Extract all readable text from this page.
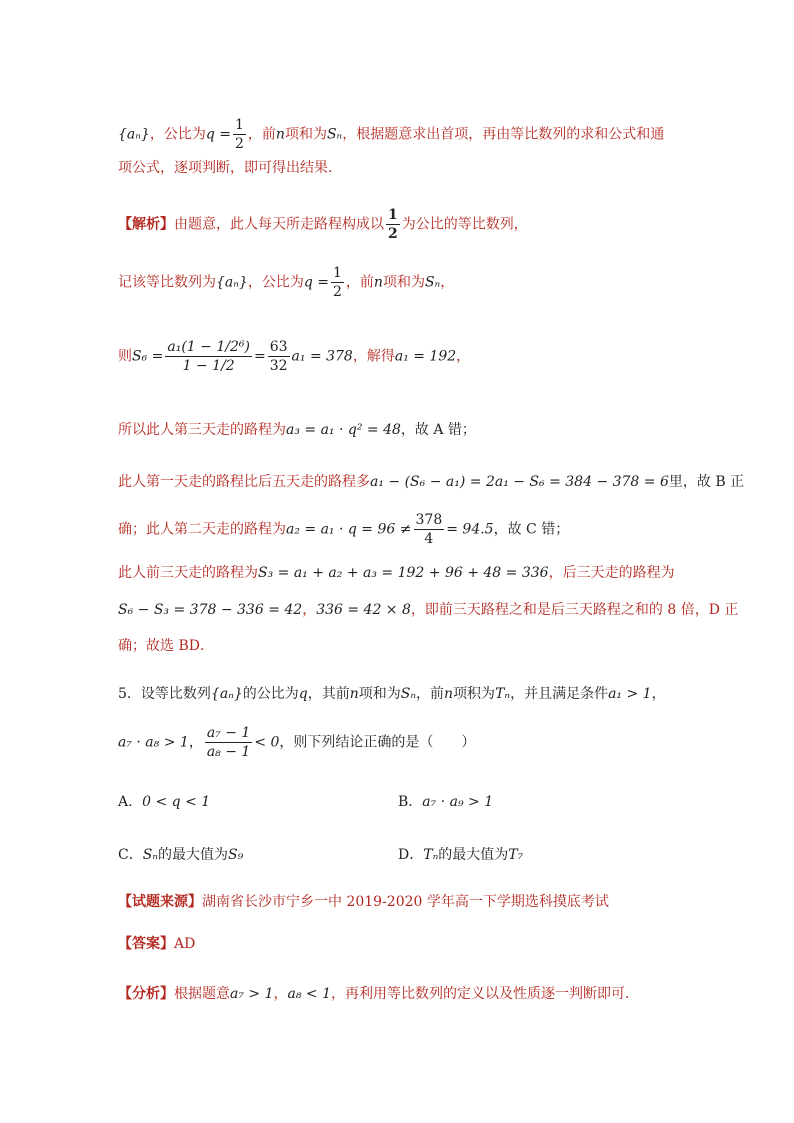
{aₙ}，公比为$q = \frac{1}{2}$ ，前n项和为Sₙ，根据题意求出首项，再由等比数列的求和公式和通
项公式，逐项判断，即可得出结果．
【解析】由题意，此人每天所走路程构成以 $\frac{1}{2}$ 为公比的等比数列，
记该等比数列为{aₙ}，公比为$q = \frac{1}{2}$ ，前n项和为Sₙ，
则$S_6 = \frac{\text{a₁(1 − 1/2⁶)}}{1 - 1/2} = \frac{63}{32} a_1 = 378$，解得a₁ = 192，
所以此人第三天走的路程为a₃ = a₁ · q² = 48，故 A 错；
此人第一天走的路程比后五天走的路程多a₁ − (S₆ − a₁) = 2a₁ − S₆ = 384 − 378 = 6里，故 B 正
确；此人第二天走的路程为$a_2 = a_1 \cdot q = 96 \ne \frac{378}{4} = 94.5$，故 C 错；
此人前三天走的路程为S₃ = a₁ + a₂ + a₃ = 192 + 96 + 48 = 336，后三天走的路程为
S₆ − S₃ = 378 − 336 = 42，336 = 42 × 8，即前三天路程之和是后三天路程之和的 8 倍，D 正
确；故选 BD．
5．设等比数列{aₙ}的公比为q，其前n项和为Sₙ，前n项积为Tₙ，并且满足条件a₁ > 1，
a₇ · a₈ > 1， $\frac{\text{a₇ − 1}}{\text{a₈ − 1}} < 0$，则下列结论正确的是（　　）
A．0 < q < 1	B．a₇ · a₉ > 1
C．Sₙ的最大值为S₉	D．Tₙ的最大值为T₇
【试题来源】湖南省长沙市宁乡一中 2019-2020 学年高一下学期选科摸底考试
【答案】AD
【分析】根据题意a₇ > 1，a₈ < 1，再利用等比数列的定义以及性质逐一判断即可．
